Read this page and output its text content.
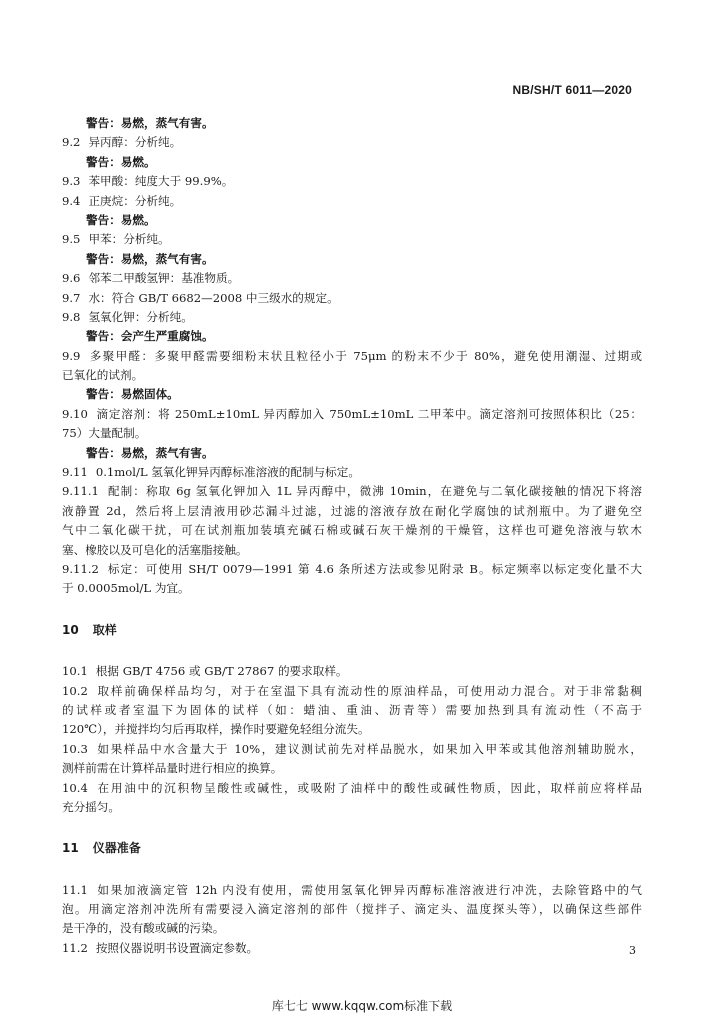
NB/SH/T 6011—2020
警告：易燃，蒸气有害。
9.2 异丙醇：分析纯。
警告：易燃。
9.3 苯甲酸：纯度大于 99.9%。
9.4 正庚烷：分析纯。
警告：易燃。
9.5 甲苯：分析纯。
警告：易燃，蒸气有害。
9.6 邻苯二甲酸氢钾：基准物质。
9.7 水：符合 GB/T 6682—2008 中三级水的规定。
9.8 氢氧化钾：分析纯。
警告：会产生严重腐蚀。
9.9 多聚甲醛：多聚甲醛需要细粉末状且粒径小于 75μm 的粉末不少于 80%，避免使用潮湿、过期或
已氧化的试剂。
警告：易燃固体。
9.10 滴定溶剂：将 250mL±10mL 异丙醇加入 750mL±10mL 二甲苯中。滴定溶剂可按照体积比（25：
75）大量配制。
警告：易燃，蒸气有害。
9.11 0.1mol/L 氢氧化钾异丙醇标准溶液的配制与标定。
9.11.1 配制：称取 6g 氢氧化钾加入 1L 异丙醇中，微沸 10min，在避免与二氧化碳接触的情况下将溶
液静置 2d，然后将上层清液用砂芯漏斗过滤，过滤的溶液存放在耐化学腐蚀的试剂瓶中。为了避免空
气中二氧化碳干扰，可在试剂瓶加装填充碱石棉或碱石灰干燥剂的干燥管，这样也可避免溶液与软木
塞、橡胶以及可皂化的活塞脂接触。
9.11.2 标定：可使用 SH/T 0079—1991 第 4.6 条所述方法或参见附录 B。标定频率以标定变化量不大
于 0.0005mol/L 为宜。
10 取样
10.1 根据 GB/T 4756 或 GB/T 27867 的要求取样。
10.2 取样前确保样品均匀，对于在室温下具有流动性的原油样品，可使用动力混合。对于非常黏稠
的试样或者室温下为固体的试样（如：蜡油、重油、沥青等）需要加热到具有流动性（不高于
120℃），并搅拌均匀后再取样，操作时要避免轻组分流失。
10.3 如果样品中水含量大于 10%，建议测试前先对样品脱水，如果加入甲苯或其他溶剂辅助脱水，
测样前需在计算样品量时进行相应的换算。
10.4 在用油中的沉积物呈酸性或碱性，或吸附了油样中的酸性或碱性物质，因此，取样前应将样品
充分摇匀。
11 仪器准备
11.1 如果加液滴定管 12h 内没有使用，需使用氢氧化钾异丙醇标准溶液进行冲洗，去除管路中的气
泡。用滴定溶剂冲洗所有需要浸入滴定溶剂的部件（搅拌子、滴定头、温度探头等），以确保这些部件
是干净的，没有酸或碱的污染。
11.2 按照仪器说明书设置滴定参数。	3
库七七 www.kqqw.com标准下载
